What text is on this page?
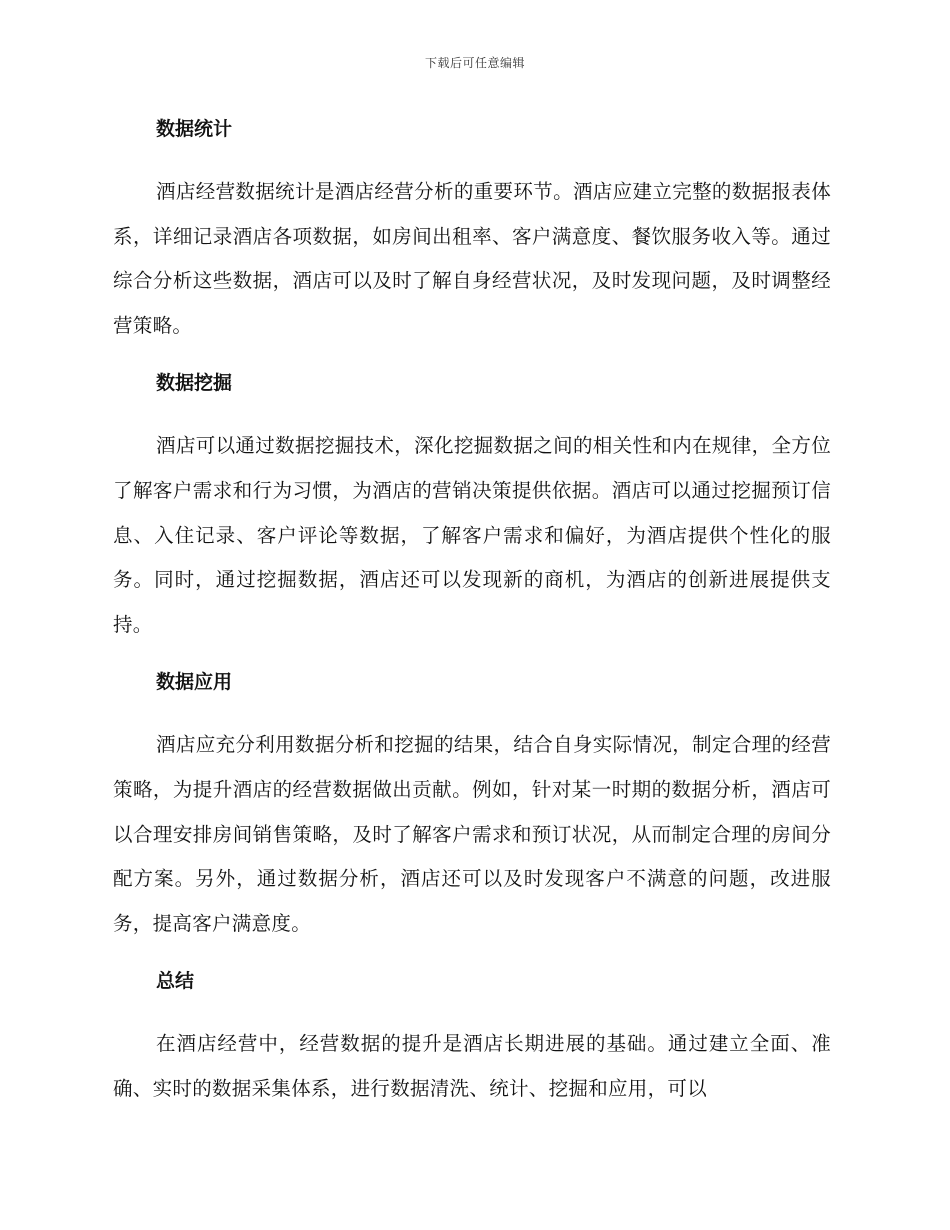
下载后可任意编辑
数据统计

酒店经营数据统计是酒店经营分析的重要环节。酒店应建立完整的数据报表体系，详细记录酒店各项数据，如房间出租率、客户满意度、餐饮服务收入等。通过综合分析这些数据，酒店可以及时了解自身经营状况，及时发现问题，及时调整经营策略。

数据挖掘

酒店可以通过数据挖掘技术，深化挖掘数据之间的相关性和内在规律，全方位了解客户需求和行为习惯，为酒店的营销决策提供依据。酒店可以通过挖掘预订信息、入住记录、客户评论等数据，了解客户需求和偏好，为酒店提供个性化的服务。同时，通过挖掘数据，酒店还可以发现新的商机，为酒店的创新进展提供支持。

数据应用

酒店应充分利用数据分析和挖掘的结果，结合自身实际情况，制定合理的经营策略，为提升酒店的经营数据做出贡献。例如，针对某一时期的数据分析，酒店可以合理安排房间销售策略，及时了解客户需求和预订状况，从而制定合理的房间分配方案。另外，通过数据分析，酒店还可以及时发现客户不满意的问题，改进服务，提高客户满意度。

总结

在酒店经营中，经营数据的提升是酒店长期进展的基础。通过建立全面、准确、实时的数据采集体系，进行数据清洗、统计、挖掘和应用，可以
